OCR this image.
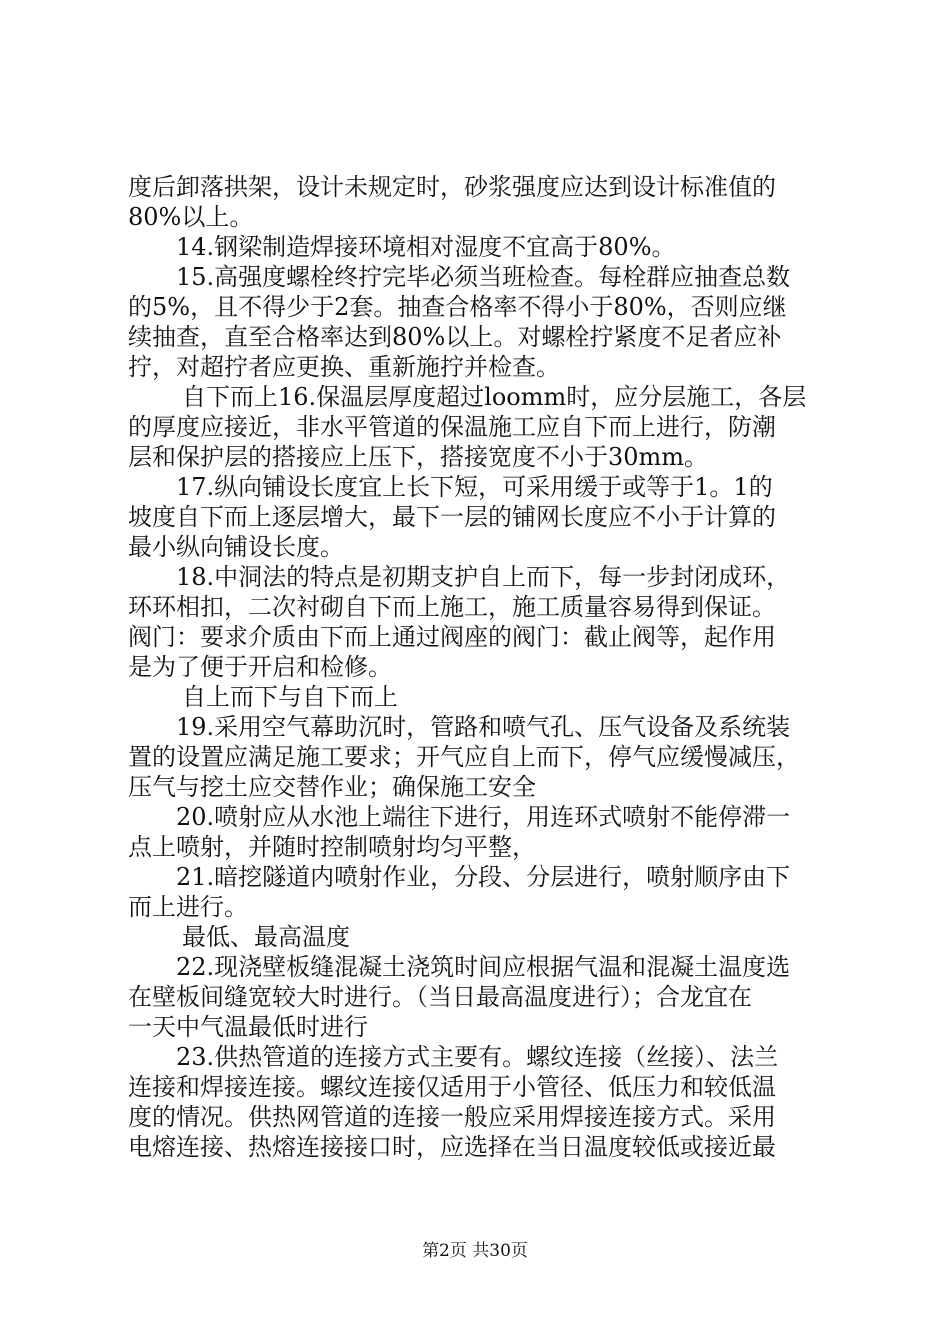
度后卸落拱架，设计未规定时，砂浆强度应达到设计标准值的
80%以上。
14.钢梁制造焊接环境相对湿度不宜高于80%。
15.高强度螺栓终拧完毕必须当班检查。每栓群应抽查总数
的5%，且不得少于2套。抽查合格率不得小于80%，否则应继
续抽查，直至合格率达到80%以上。对螺栓拧紧度不足者应补
拧，对超拧者应更换、重新施拧并检查。
自下而上16.保温层厚度超过loomm时，应分层施工，各层
的厚度应接近，非水平管道的保温施工应自下而上进行，防潮
层和保护层的搭接应上压下，搭接宽度不小于30mm。
17.纵向铺设长度宜上长下短，可采用缓于或等于1。1的
坡度自下而上逐层增大，最下一层的铺网长度应不小于计算的
最小纵向铺设长度。
18.中洞法的特点是初期支护自上而下，每一步封闭成环，
环环相扣，二次衬砌自下而上施工，施工质量容易得到保证。
阀门：要求介质由下而上通过阀座的阀门：截止阀等，起作用
是为了便于开启和检修。
自上而下与自下而上
19.采用空气幕助沉时，管路和喷气孔、压气设备及系统装
置的设置应满足施工要求；开气应自上而下，停气应缓慢减压，
压气与挖土应交替作业；确保施工安全
20.喷射应从水池上端往下进行，用连环式喷射不能停滞一
点上喷射，并随时控制喷射均匀平整，
21.暗挖隧道内喷射作业，分段、分层进行，喷射顺序由下
而上进行。
最低、最高温度
22.现浇壁板缝混凝土浇筑时间应根据气温和混凝土温度选
在壁板间缝宽较大时进行。（当日最高温度进行）；合龙宜在
一天中气温最低时进行
23.供热管道的连接方式主要有。螺纹连接（丝接）、法兰
连接和焊接连接。螺纹连接仅适用于小管径、低压力和较低温
度的情况。供热网管道的连接一般应采用焊接连接方式。采用
电熔连接、热熔连接接口时，应选择在当日温度较低或接近最
第2页 共30页
